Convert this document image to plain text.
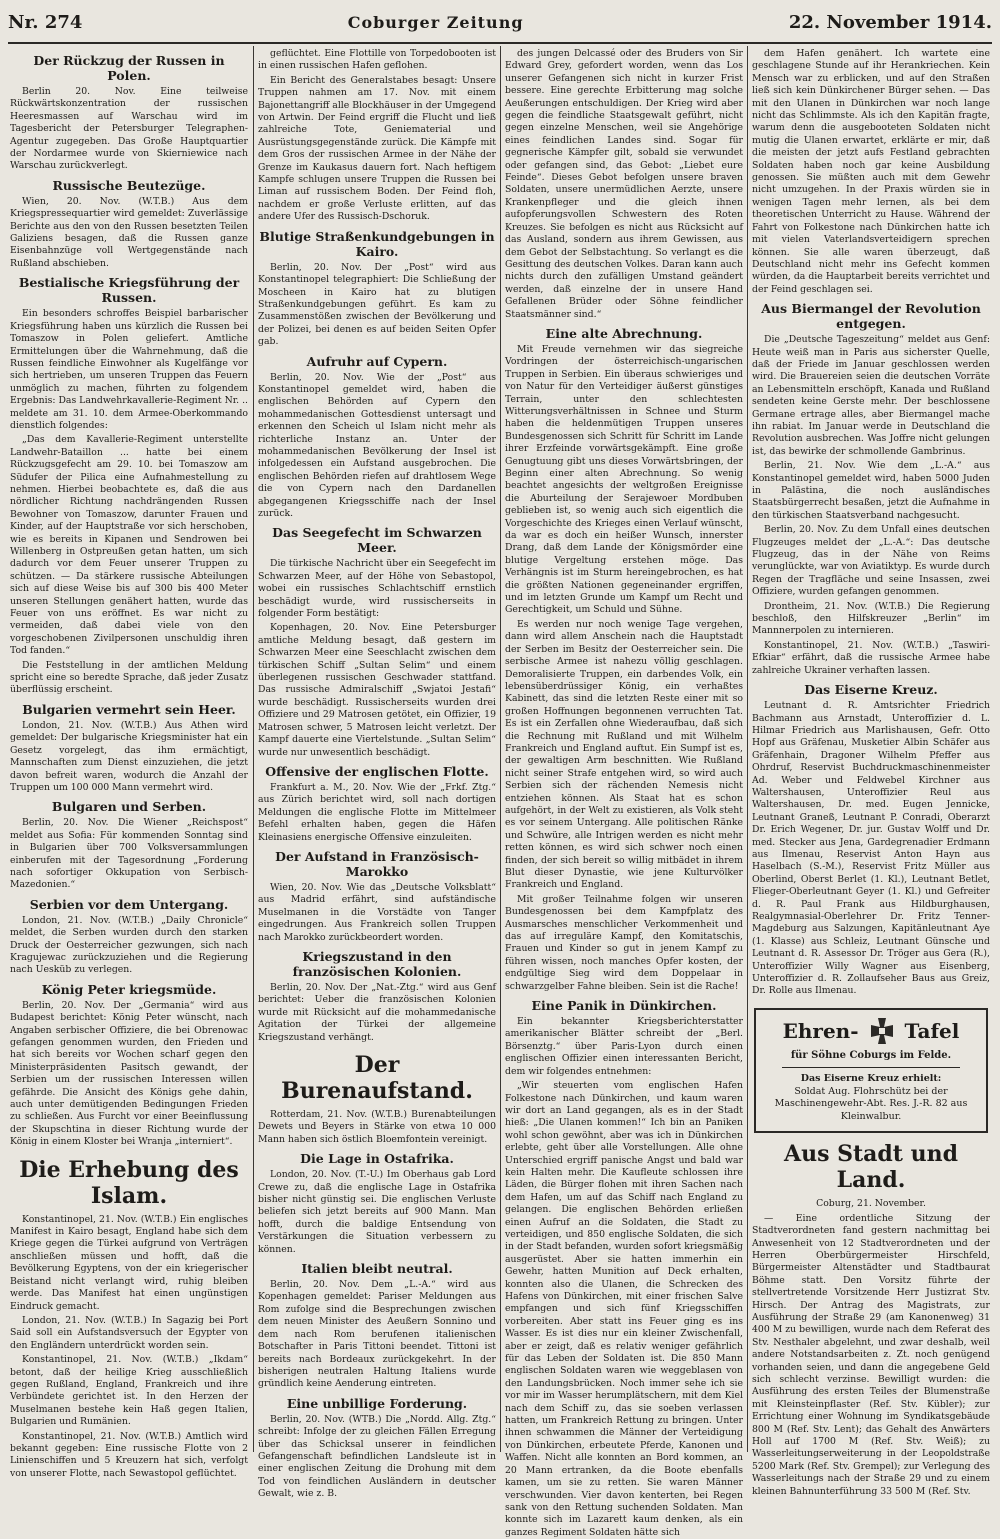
Nr. 274	Coburger Zeitung	22. November 1914.
Der Rückzug der Russen in Polen.

Berlin 20. Nov. Eine teilweise Rückwärtskonzentration der russischen Heeresmassen auf Warschau wird im Tagesbericht der Petersburger Telegraphen-Agentur zugegeben. Das Große Hauptquartier der Nordarmee wurde von Skierniewice nach Warschau zurückverlegt.

Russische Beutezüge.

Wien, 20. Nov. (W.T.B.) Aus dem Kriegspressequartier wird gemeldet: Zuverlässige Berichte aus den von den Russen besetzten Teilen Galiziens besagen, daß die Russen ganze Eisenbahnzüge voll Wertgegenstände nach Rußland abschieben.

Bestialische Kriegsführung der Russen.

Ein besonders schroffes Beispiel barbarischer Kriegsführung haben uns kürzlich die Russen bei Tomaszow in Polen geliefert. Amtliche Ermittelungen über die Wahrnehmung, daß die Russen feindliche Einwohner als Kugelfänge vor sich hertrieben, um unseren Truppen das Feuern unmöglich zu machen, führten zu folgendem Ergebnis: Das Landwehrkavallerie-Regiment Nr. .. meldete am 31. 10. dem Armee-Oberkommando dienstlich folgendes:

„Das dem Kavallerie-Regiment unterstellte Landwehr-Bataillon ... hatte bei einem Rückzugsgefecht am 29. 10. bei Tomaszow am Südufer der Pilica eine Aufnahmestellung zu nehmen. Hierbei beobachtete es, daß die aus nördlicher Richtung nachdrängenden Russen Bewohner von Tomaszow, darunter Frauen und Kinder, auf der Hauptstraße vor sich herschoben, wie es bereits in Kipanen und Sendrowen bei Willenberg in Ostpreußen getan hatten, um sich dadurch vor dem Feuer unserer Truppen zu schützen. — Da stärkere russische Abteilungen sich auf diese Weise bis auf 300 bis 400 Meter unseren Stellungen genähert hatten, wurde das Feuer von uns eröffnet. Es war nicht zu vermeiden, daß dabei viele von den vorgeschobenen Zivilpersonen unschuldig ihren Tod fanden.“

Die Feststellung in der amtlichen Meldung spricht eine so beredte Sprache, daß jeder Zusatz überflüssig erscheint.

Bulgarien vermehrt sein Heer.

London, 21. Nov. (W.T.B.) Aus Athen wird gemeldet: Der bulgarische Kriegsminister hat ein Gesetz vorgelegt, das ihm ermächtigt, Mannschaften zum Dienst einzuziehen, die jetzt davon befreit waren, wodurch die Anzahl der Truppen um 100 000 Mann vermehrt wird.

Bulgaren und Serben.

Berlin, 20. Nov. Die Wiener „Reichspost“ meldet aus Sofia: Für kommenden Sonntag sind in Bulgarien über 700 Volksversammlungen einberufen mit der Tagesordnung „Forderung nach sofortiger Okkupation von Serbisch-Mazedonien.“

Serbien vor dem Untergang.

London, 21. Nov. (W.T.B.) „Daily Chronicle“ meldet, die Serben wurden durch den starken Druck der Oesterreicher gezwungen, sich nach Kragujewac zurückzuziehen und die Regierung nach Uesküb zu verlegen.

König Peter kriegsmüde.

Berlin, 20. Nov. Der „Germania“ wird aus Budapest berichtet: König Peter wünscht, nach Angaben serbischer Offiziere, die bei Obrenowac gefangen genommen wurden, den Frieden und hat sich bereits vor Wochen scharf gegen den Ministerpräsidenten Pasitsch gewandt, der Serbien um der russischen Interessen willen gefährde. Die Ansicht des Königs gehe dahin, auch unter demütigenden Bedingungen Frieden zu schließen. Aus Furcht vor einer Beeinflussung der Skupschtina in dieser Richtung wurde der König in einem Kloster bei Wranja „interniert“.

Die Erhebung des Islam.

Konstantinopel, 21. Nov. (W.T.B.) Ein englisches Manifest in Kairo besagt, England habe sich dem Kriege gegen die Türkei aufgrund von Verträgen anschließen müssen und hofft, daß die Bevölkerung Egyptens, von der ein kriegerischer Beistand nicht verlangt wird, ruhig bleiben werde. Das Manifest hat einen ungünstigen Eindruck gemacht.

London, 21. Nov. (W.T.B.) In Sagazig bei Port Said soll ein Aufstandsversuch der Egypter von den Engländern unterdrückt worden sein.

Konstantinopel, 21. Nov. (W.T.B.) „Ikdam“ betont, daß der heilige Krieg ausschließlich gegen Rußland, England, Frankreich und ihre Verbündete gerichtet ist. In den Herzen der Muselmanen bestehe kein Haß gegen Italien, Bulgarien und Rumänien.

Konstantinopel, 21. Nov. (W.T.B.) Amtlich wird bekannt gegeben: Eine russische Flotte von 2 Linienschiffen und 5 Kreuzern hat sich, verfolgt von unserer Flotte, nach Sewastopol geflüchtet.

geflüchtet. Eine Flottille von Torpedobooten ist in einen russischen Hafen geflohen.

Ein Bericht des Generalstabes besagt: Unsere Truppen nahmen am 17. Nov. mit einem Bajonettangriff alle Blockhäuser in der Umgegend von Artwin. Der Feind ergriff die Flucht und ließ zahlreiche Tote, Geniematerial und Ausrüstungsgegenstände zurück. Die Kämpfe mit dem Gros der russischen Armee in der Nähe der Grenze im Kaukasus dauern fort. Nach heftigem Kampfe schlugen unsere Truppen die Russen bei Liman auf russischem Boden. Der Feind floh, nachdem er große Verluste erlitten, auf das andere Ufer des Russisch-Dschoruk.

Blutige Straßenkundgebungen in Kairo.

Berlin, 20. Nov. Der „Post“ wird aus Konstantinopel telegraphiert: Die Schließung der Moscheen in Kairo hat zu blutigen Straßenkundgebungen geführt. Es kam zu Zusammenstößen zwischen der Bevölkerung und der Polizei, bei denen es auf beiden Seiten Opfer gab.

Aufruhr auf Cypern.

Berlin, 20. Nov. Wie der „Post“ aus Konstantinopel gemeldet wird, haben die englischen Behörden auf Cypern den mohammedanischen Gottesdienst untersagt und erkennen den Scheich ul Islam nicht mehr als richterliche Instanz an. Unter der mohammedanischen Bevölkerung der Insel ist infolgedessen ein Aufstand ausgebrochen. Die englischen Behörden riefen auf drahtlosem Wege die von Cypern nach den Dardanellen abgegangenen Kriegsschiffe nach der Insel zurück.

Das Seegefecht im Schwarzen Meer.

Die türkische Nachricht über ein Seegefecht im Schwarzen Meer, auf der Höhe von Sebastopol, wobei ein russisches Schlachtschiff ernstlich beschädigt wurde, wird russischerseits in folgender Form bestätigt:

Kopenhagen, 20. Nov. Eine Petersburger amtliche Meldung besagt, daß gestern im Schwarzen Meer eine Seeschlacht zwischen dem türkischen Schiff „Sultan Selim“ und einem überlegenen russischen Geschwader stattfand. Das russische Admiralschiff „Swjatoi Jestafi“ wurde beschädigt. Russischerseits wurden drei Offiziere und 29 Matrosen getötet, ein Offizier, 19 Matrosen schwer, 5 Matrosen leicht verletzt. Der Kampf dauerte eine Viertelstunde. „Sultan Selim“ wurde nur unwesentlich beschädigt.

Offensive der englischen Flotte.

Frankfurt a. M., 20. Nov. Wie der „Frkf. Ztg.“ aus Zürich berichtet wird, soll nach dortigen Meldungen die englische Flotte im Mittelmeer Befehl erhalten haben, gegen die Häfen Kleinasiens energische Offensive einzuleiten.

Der Aufstand in Französisch-Marokko

Wien, 20. Nov. Wie das „Deutsche Volksblatt“ aus Madrid erfährt, sind aufständische Muselmanen in die Vorstädte von Tanger eingedrungen. Aus Frankreich sollen Truppen nach Marokko zurückbeordert worden.

Kriegszustand in den französischen Kolonien.

Berlin, 20. Nov. Der „Nat.-Ztg.“ wird aus Genf berichtet: Ueber die französischen Kolonien wurde mit Rücksicht auf die mohammedanische Agitation der Türkei der allgemeine Kriegszustand verhängt.

Der Burenaufstand.

Rotterdam, 21. Nov. (W.T.B.) Burenabteilungen Dewets und Beyers in Stärke von etwa 10 000 Mann haben sich östlich Bloemfontein vereinigt.

Die Lage in Ostafrika.

London, 20. Nov. (T.-U.) Im Oberhaus gab Lord Crewe zu, daß die englische Lage in Ostafrika bisher nicht günstig sei. Die englischen Verluste beliefen sich jetzt bereits auf 900 Mann. Man hofft, durch die baldige Entsendung von Verstärkungen die Situation verbessern zu können.

Italien bleibt neutral.

Berlin, 20. Nov. Dem „L.-A.“ wird aus Kopenhagen gemeldet: Pariser Meldungen aus Rom zufolge sind die Besprechungen zwischen dem neuen Minister des Aeußern Sonnino und dem nach Rom berufenen italienischen Botschafter in Paris Tittoni beendet. Tittoni ist bereits nach Bordeaux zurückgekehrt. In der bisherigen neutralen Haltung Italiens wurde gründlich keine Aenderung eintreten.

Eine unbillige Forderung.

Berlin, 20. Nov. (WTB.) Die „Nordd. Allg. Ztg.“ schreibt: Infolge der zu gleichen Fällen Erregung über das Schicksal unserer in feindlichen Gefangenschaft befindlichen Landsleute ist in einer englischen Zeitung die Drohung mit dem Tod von feindlichen Ausländern in deutscher Gewalt, wie z. B.

des jungen Delcassé oder des Bruders von Sir Edward Grey, gefordert worden, wenn das Los unserer Gefangenen sich nicht in kurzer Frist bessere. Eine gerechte Erbitterung mag solche Aeußerungen entschuldigen. Der Krieg wird aber gegen die feindliche Staatsgewalt geführt, nicht gegen einzelne Menschen, weil sie Angehörige eines feindlichen Landes sind. Sogar für gegnerische Kämpfer gilt, sobald sie verwundet oder gefangen sind, das Gebot: „Liebet eure Feinde“. Dieses Gebot befolgen unsere braven Soldaten, unsere unermüdlichen Aerzte, unsere Krankenpfleger und die gleich ihnen aufopferungsvollen Schwestern des Roten Kreuzes. Sie befolgen es nicht aus Rücksicht auf das Ausland, sondern aus ihrem Gewissen, aus dem Gebot der Selbstachtung. So verlangt es die Gesittung des deutschen Volkes. Daran kann auch nichts durch den zufälligen Umstand geändert werden, daß einzelne der in unsere Hand Gefallenen Brüder oder Söhne feindlicher Staatsmänner sind.“

Eine alte Abrechnung.

Mit Freude vernehmen wir das siegreiche Vordringen der österreichisch-ungarischen Truppen in Serbien. Ein überaus schwieriges und von Natur für den Verteidiger äußerst günstiges Terrain, unter den schlechtesten Witterungsverhältnissen in Schnee und Sturm haben die heldenmütigen Truppen unseres Bundesgenossen sich Schritt für Schritt im Lande ihrer Erzfeinde vorwärtsgekämpft. Eine große Genugtuung gibt uns dieses Vorwärtsbringen, der Beginn einer alten Abrechnung. So wenig beachtet angesichts der weltgroßen Ereignisse die Aburteilung der Serajewoer Mordbuben geblieben ist, so wenig auch sich eigentlich die Vorgeschichte des Krieges einen Verlauf wünscht, da war es doch ein heißer Wunsch, innerster Drang, daß dem Lande der Königsmörder eine blutige Vergeltung erstehen möge. Das Verhängnis ist im Sturm hereingebrochen, es hat die größten Nationen gegeneinander ergriffen, und im letzten Grunde um Kampf um Recht und Gerechtigkeit, um Schuld und Sühne.

Es werden nur noch wenige Tage vergehen, dann wird allem Anschein nach die Hauptstadt der Serben im Besitz der Oesterreicher sein. Die serbische Armee ist nahezu völlig geschlagen. Demoralisierte Truppen, ein darbendes Volk, ein lebensüberdrüssiger König, ein verhaßtes Kabinett, das sind die letzten Reste einer mit so großen Hoffnungen begonnenen verruchten Tat. Es ist ein Zerfallen ohne Wiederaufbau, daß sich die Rechnung mit Rußland und mit Wilhelm Frankreich und England auftut. Ein Sumpf ist es, der gewaltigen Arm beschnitten. Wie Rußland nicht seiner Strafe entgehen wird, so wird auch Serbien sich der rächenden Nemesis nicht entziehen können. Als Staat hat es schon aufgehört, in der Welt zu existieren, als Volk steht es vor seinem Untergang. Alle politischen Ränke und Schwüre, alle Intrigen werden es nicht mehr retten können, es wird sich schwer noch einen finden, der sich bereit so willig mitbädet in ihrem Blut dieser Dynastie, wie jene Kulturvölker Frankreich und England.

Mit großer Teilnahme folgen wir unseren Bundesgenossen bei dem Kampfplatz des Ausmarsches menschlicher Verkommenheit und das auf irreguläre Kampf, den Komitatschis, Frauen und Kinder so gut in jenem Kampf zu führen wissen, noch manches Opfer kosten, der endgültige Sieg wird dem Doppelaar in schwarzgelber Fahne bleiben. Sein ist die Rache!

Eine Panik in Dünkirchen.

Ein bekannter Kriegsberichterstatter amerikanischer Blätter schreibt der „Berl. Börsenztg.“ über Paris-Lyon durch einen englischen Offizier einen interessanten Bericht, dem wir folgendes entnehmen:

„Wir steuerten vom englischen Hafen Folkestone nach Dünkirchen, und kaum waren wir dort an Land gegangen, als es in der Stadt hieß: „Die Ulanen kommen!“ Ich bin an Paniken wohl schon gewöhnt, aber was ich in Dünkirchen erlebte, geht über alle Vorstellungen. Alle ohne Unterschied ergriff panische Angst und bald war kein Halten mehr. Die Kaufleute schlossen ihre Läden, die Bürger flohen mit ihren Sachen nach dem Hafen, um auf das Schiff nach England zu gelangen. Die englischen Behörden erließen einen Aufruf an die Soldaten, die Stadt zu verteidigen, und 850 englische Soldaten, die sich in der Stadt befanden, wurden sofort kriegsmäßig ausgerüstet. Aber sie hatten immerhin ein Gewehr, hatten Munition auf Deck erhalten, konnten also die Ulanen, die Schrecken des Hafens von Dünkirchen, mit einer frischen Salve empfangen und sich fünf Kriegsschiffen vorbereiten. Aber statt ins Feuer ging es ins Wasser. Es ist dies nur ein kleiner Zwischenfall, aber er zeigt, daß es relativ weniger gefährlich für das Leben der Soldaten ist. Die 850 Mann englischen Soldaten waren wie weggeblasen von den Landungsbrücken. Noch immer sehe ich sie vor mir im Wasser herumplätschern, mit dem Kiel nach dem Schiff zu, das sie soeben verlassen hatten, um Frankreich Rettung zu bringen. Unter ihnen schwammen die Männer der Verteidigung von Dünkirchen, erbeutete Pferde, Kanonen und Waffen. Nicht alle konnten an Bord kommen, an 20 Mann ertranken, da die Boote ebenfalls kamen, um sie zu retten. Sie waren Männer verschwunden. Vier davon kenterten, bei Regen sank von den Rettung suchenden Soldaten. Man konnte sich im Lazarett kaum denken, als ein ganzes Regiment Soldaten hätte sich

dem Hafen genähert. Ich wartete eine geschlagene Stunde auf ihr Herankriechen. Kein Mensch war zu erblicken, und auf den Straßen ließ sich kein Dünkirchener Bürger sehen. — Das mit den Ulanen in Dünkirchen war noch lange nicht das Schlimmste. Als ich den Kapitän fragte, warum denn die ausgebooteten Soldaten nicht mutig die Ulanen erwartet, erklärte er mir, daß die meisten der jetzt aufs Festland gebrachten Soldaten haben noch gar keine Ausbildung genossen. Sie müßten auch mit dem Gewehr nicht umzugehen. In der Praxis würden sie in wenigen Tagen mehr lernen, als bei dem theoretischen Unterricht zu Hause. Während der Fahrt von Folkestone nach Dünkirchen hatte ich mit vielen Vaterlandsverteidigern sprechen können. Sie alle waren überzeugt, daß Deutschland nicht mehr ins Gefecht kommen würden, da die Hauptarbeit bereits verrichtet und der Feind geschlagen sei.

Aus Biermangel der Revolution entgegen.

Die „Deutsche Tageszeitung“ meldet aus Genf: Heute weiß man in Paris aus sicherster Quelle, daß der Friede im Januar geschlossen werden wird. Die Brauereien seien die deutschen Vorräte an Lebensmitteln erschöpft, Kanada und Rußland sendeten keine Gerste mehr. Der beschlossene Germane ertrage alles, aber Biermangel mache ihn rabiat. Im Januar werde in Deutschland die Revolution ausbrechen. Was Joffre nicht gelungen ist, das bewirke der schmollende Gambrinus.

Berlin, 21. Nov. Wie dem „L.-A.“ aus Konstantinopel gemeldet wird, haben 5000 Juden in Palästina, die noch ausländisches Staatsbürgerrecht besaßen, jetzt die Aufnahme in den türkischen Staatsverband nachgesucht.

Berlin, 20. Nov. Zu dem Unfall eines deutschen Flugzeuges meldet der „L.-A.“: Das deutsche Flugzeug, das in der Nähe von Reims verunglückte, war von Aviatiktyp. Es wurde durch Regen der Tragfläche und seine Insassen, zwei Offiziere, wurden gefangen genommen.

Drontheim, 21. Nov. (W.T.B.) Die Regierung beschloß, den Hilfskreuzer „Berlin“ im Mannnerpolen zu internieren.

Konstantinopel, 21. Nov. (W.T.B.) „Taswiri-Efkiar“ erfährt, daß die russische Armee habe zahlreiche Ukrainer verhaften lassen.

Das Eiserne Kreuz.

Leutnant d. R. Amtsrichter Friedrich Bachmann aus Arnstadt, Unteroffizier d. L. Hilmar Friedrich aus Marlishausen, Gefr. Otto Hopf aus Gräfenau, Musketier Albin Schäfer aus Gräfenhain, Dragoner Wilhelm Pfeffer aus Ohrdruf, Reservist Buchdruckmaschinenmeister Ad. Weber und Feldwebel Kirchner aus Waltershausen, Unteroffizier Reul aus Waltershausen, Dr. med. Eugen Jennicke, Leutnant Graneß, Leutnant P. Conradi, Oberarzt Dr. Erich Wegener, Dr. jur. Gustav Wolff und Dr. med. Stecker aus Jena, Gardegrenadier Erdmann aus Ilmenau, Reservist Anton Hayn aus Haselbach (S.-M.), Reservist Fritz Müller aus Oberlind, Oberst Berlet (1. Kl.), Leutnant Betlet, Flieger-Oberleutnant Geyer (1. Kl.) und Gefreiter d. R. Paul Frank aus Hildburghausen, Realgymnasial-Oberlehrer Dr. Fritz Tenner-Magdeburg aus Salzungen, Kapitänleutnant Aye (1. Klasse) aus Schleiz, Leutnant Günsche und Leutnant d. R. Assessor Dr. Tröger aus Gera (R.), Unteroffizier Willy Wagner aus Eisenberg, Unteroffizier d. R. Zollaufseher Baus aus Greiz, Dr. Rolle aus Ilmenau.

Ehren- Tafel
für Söhne Coburgs im Felde.
Das Eiserne Kreuz erhielt:
Soldat Aug. Flohrschütz bei der Maschinengewehr-Abt. Res. J.-R. 82 aus Kleinwalbur.
Aus Stadt und Land.

Coburg, 21. November.

— Eine ordentliche Sitzung der Stadtverordneten fand gestern nachmittag bei Anwesenheit von 12 Stadtverordneten und der Herren Oberbürgermeister Hirschfeld, Bürgermeister Altenstädter und Stadtbaurat Böhme statt. Den Vorsitz führte der stellvertretende Vorsitzende Herr Justizrat Stv. Hirsch. Der Antrag des Magistrats, zur Ausführung der Straße 29 (am Kanonenweg) 31 400 M zu bewilligen, wurde nach dem Referat des Stv. Nesthaler abgelehnt, und zwar deshalb, weil andere Notstandsarbeiten z. Zt. noch genügend vorhanden seien, und dann die angegebene Geld sich schlecht verzinse. Bewilligt wurden: die Ausführung des ersten Teiles der Blumenstraße mit Kleinsteinpflaster (Ref. Stv. Kübler); zur Errichtung einer Wohnung im Syndikatsgebäude 800 M (Ref. Stv. Lent); das Gehalt des Anwärters Holl auf 1700 M (Ref. Stv. Weiß); zu Wasserleitungserweiterung in der Leopoldstraße 5200 Mark (Ref. Stv. Grempel); zur Verlegung des Wasserleitungs nach der Straße 29 und zu einem kleinen Bahnunterführung 33 500 M (Ref. Stv.
